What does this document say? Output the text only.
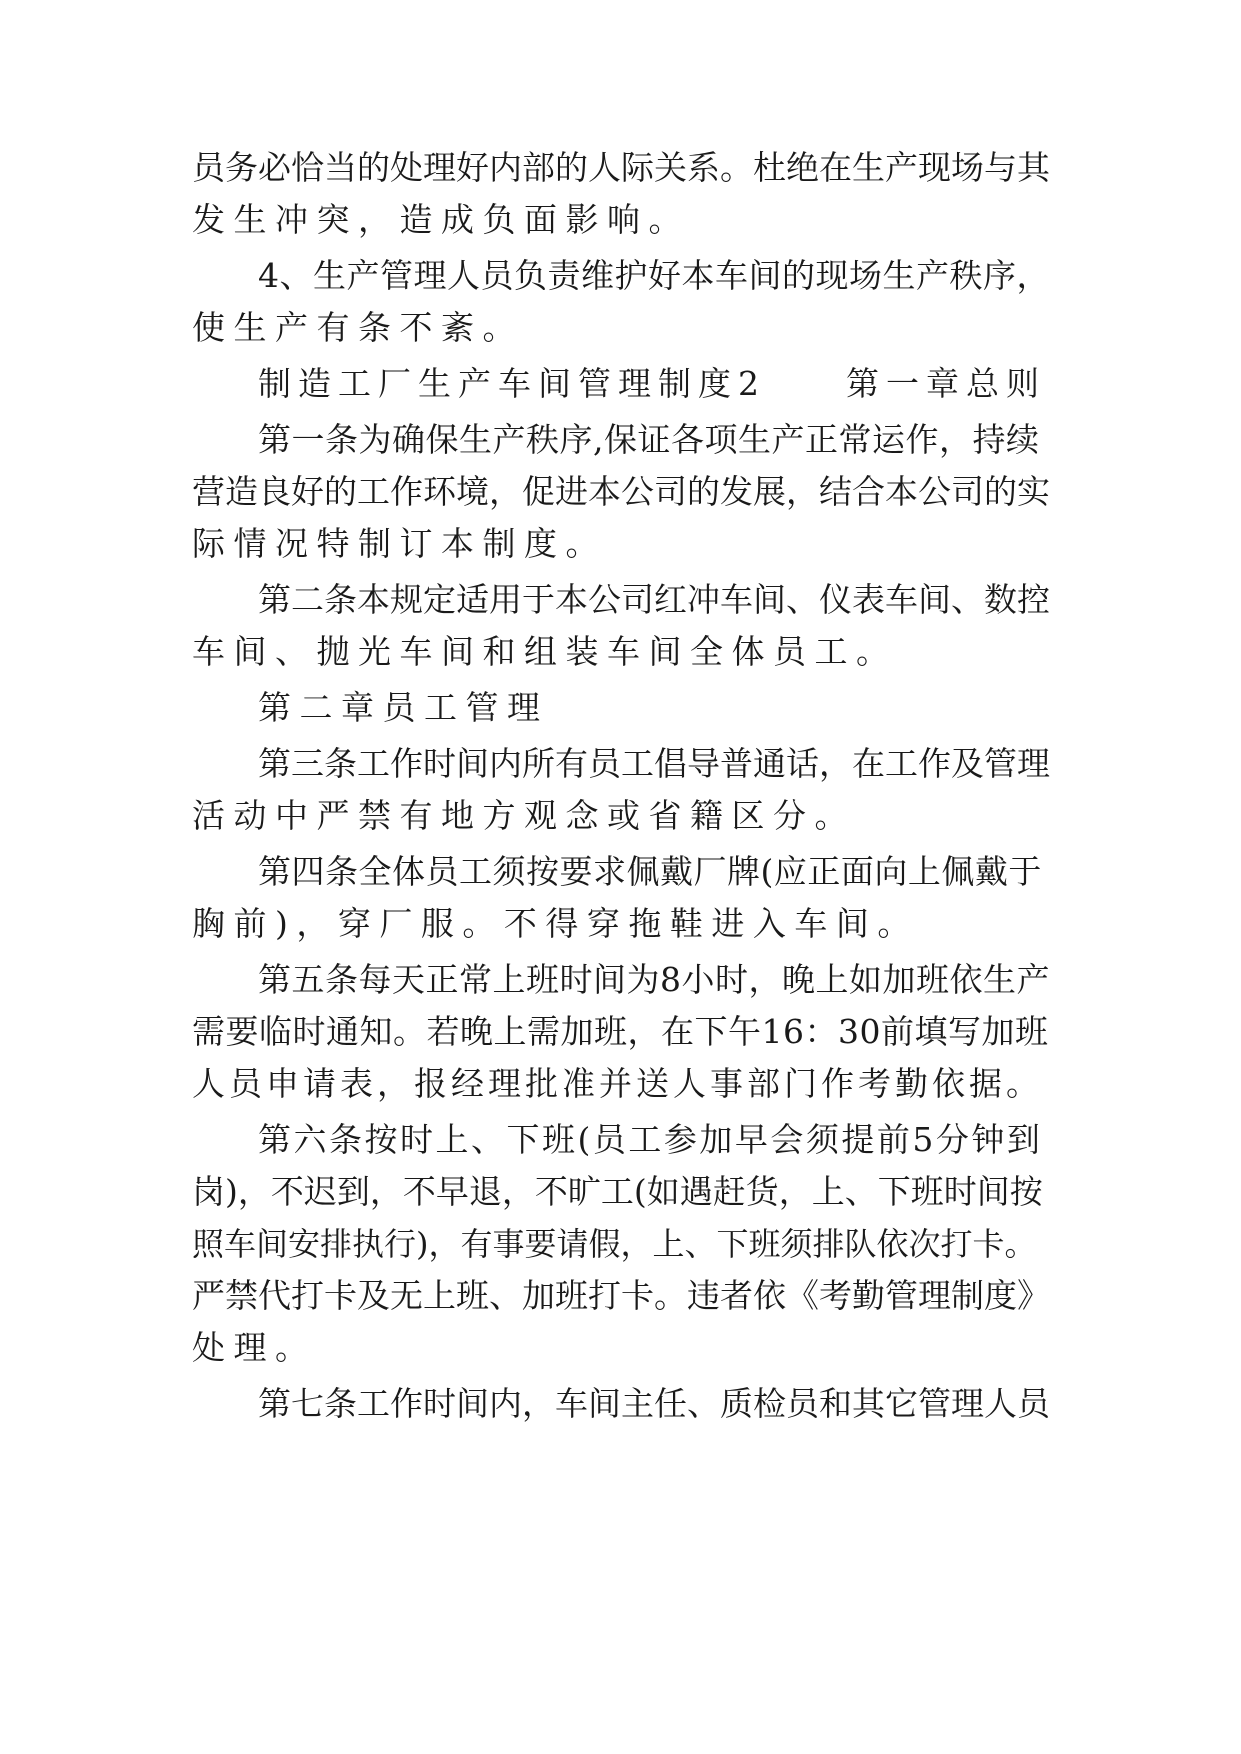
员务必恰当的处理好内部的人际关系。杜绝在生产现场与其
发生冲突，造成负面影响。
4、生产管理人员负责维护好本车间的现场生产秩序，
使生产有条不紊。
制造工厂生产车间管理制度2　　第一章总则
第一条为确保生产秩序,保证各项生产正常运作，持续
营造良好的工作环境，促进本公司的发展，结合本公司的实
际情况特制订本制度。
第二条本规定适用于本公司红冲车间、仪表车间、数控
车间、抛光车间和组装车间全体员工。
第二章员工管理
第三条工作时间内所有员工倡导普通话，在工作及管理
活动中严禁有地方观念或省籍区分。
第四条全体员工须按要求佩戴厂牌(应正面向上佩戴于
胸前)，穿厂服。不得穿拖鞋进入车间。
第五条每天正常上班时间为8小时，晚上如加班依生产
需要临时通知。若晚上需加班，在下午16：30前填写加班
人员申请表，报经理批准并送人事部门作考勤依据。
第六条按时上、下班(员工参加早会须提前5分钟到
岗)，不迟到，不早退，不旷工(如遇赶货，上、下班时间按
照车间安排执行)，有事要请假，上、下班须排队依次打卡。
严禁代打卡及无上班、加班打卡。违者依《考勤管理制度》
处理。
第七条工作时间内，车间主任、质检员和其它管理人员
